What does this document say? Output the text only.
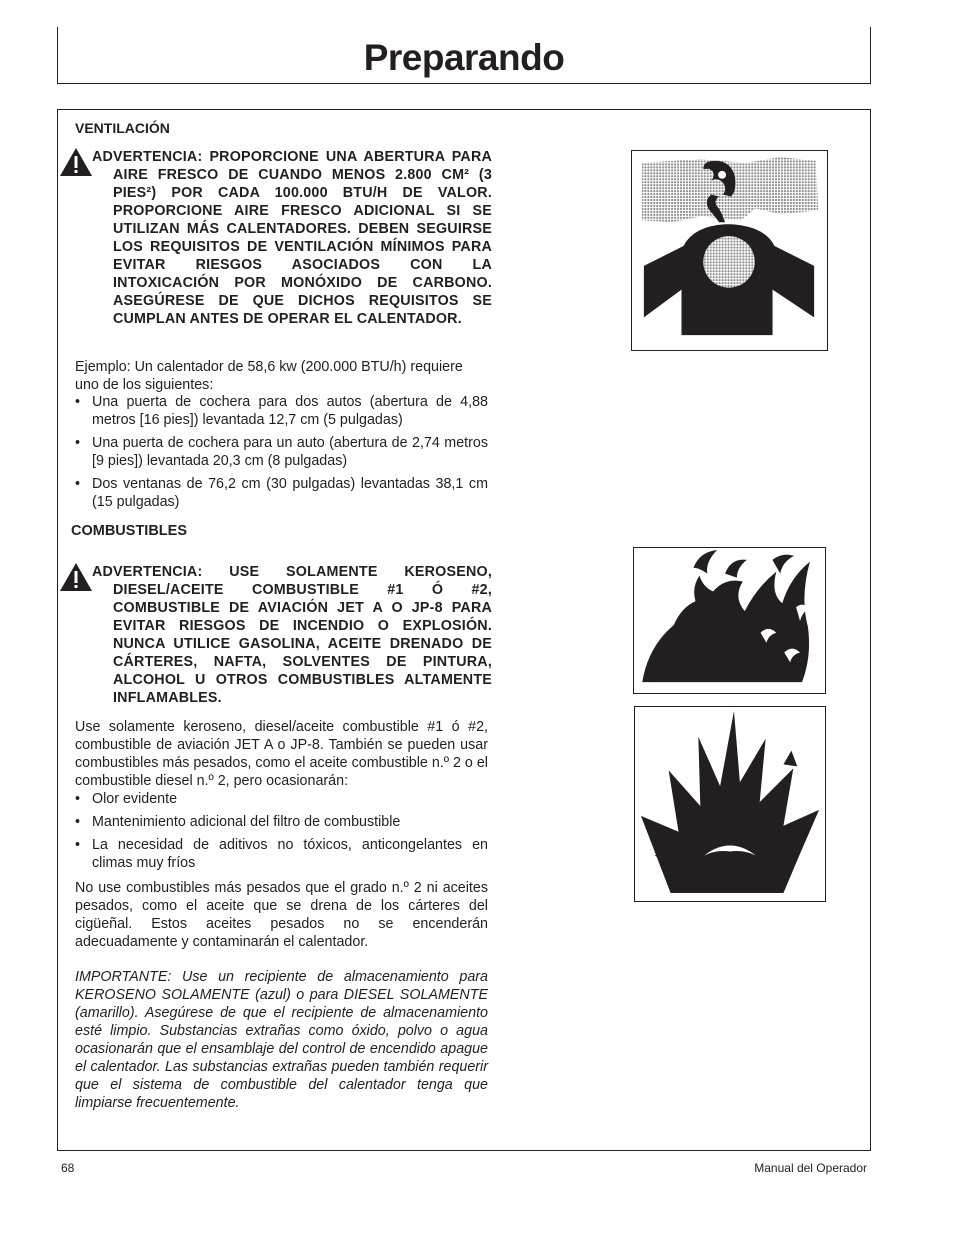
Preparando
VENTILACIÓN
ADVERTENCIA: PROPORCIONE UNA ABERTURA PARA AIRE FRESCO DE CUANDO MENOS 2.800 CM² (3 PIES²) POR CADA 100.000 BTU/H DE VALOR. PROPORCIONE AIRE FRESCO ADICIONAL SI SE UTILIZAN MÁS CALENTADORES. DEBEN SEGUIRSE LOS REQUISITOS DE VENTILACIÓN MÍNIMOS PARA EVITAR RIESGOS ASOCIADOS CON LA INTOXICACIÓN POR MONÓXIDO DE CARBONO. ASEGÚRESE DE QUE DICHOS REQUISITOS SE CUMPLAN ANTES DE OPERAR EL CALENTADOR.
Ejemplo: Un calentador de 58,6 kw (200.000 BTU/h) requiere uno de los siguientes:
• Una puerta de cochera para dos autos (abertura de 4,88 metros [16 pies]) levantada 12,7 cm (5 pulgadas)
• Una puerta de cochera para un auto (abertura de 2,74 metros [9 pies]) levantada 20,3 cm (8 pulgadas)
• Dos ventanas de 76,2 cm (30 pulgadas) levantadas 38,1 cm (15 pulgadas)
COMBUSTIBLES
ADVERTENCIA: USE SOLAMENTE KEROSENO, DIESEL/ACEITE COMBUSTIBLE #1 Ó #2, COMBUSTIBLE DE AVIACIÓN JET A O JP-8 PARA EVITAR RIESGOS DE INCENDIO O EXPLOSIÓN. NUNCA UTILICE GASOLINA, ACEITE DRENADO DE CÁRTERES, NAFTA, SOLVENTES DE PINTURA, ALCOHOL U OTROS COMBUSTIBLES ALTAMENTE INFLAMABLES.
Use solamente keroseno, diesel/aceite combustible #1 ó #2, combustible de aviación JET A o JP-8. También se pueden usar combustibles más pesados, como el aceite combustible n.º 2 o el combustible diesel n.º 2, pero ocasionarán:
• Olor evidente
• Mantenimiento adicional del filtro de combustible
• La necesidad de aditivos no tóxicos, anticongelantes en climas muy fríos
No use combustibles más pesados que el grado n.º 2 ni aceites pesados, como el aceite que se drena de los cárteres del cigüeñal. Estos aceites pesados no se encenderán adecuadamente y contaminarán el calentador.
IMPORTANTE: Use un recipiente de almacenamiento para KEROSENO SOLAMENTE (azul) o para DIESEL SOLAMENTE (amarillo). Asegúrese de que el recipiente de almacenamiento esté limpio. Substancias extrañas como óxido, polvo o agua ocasionarán que el ensamblaje del control de encendido apague el calentador. Las substancias extrañas pueden también requerir que el sistema de combustible del calentador tenga que limpiarse frecuentemente.
68	Manual del Operador
